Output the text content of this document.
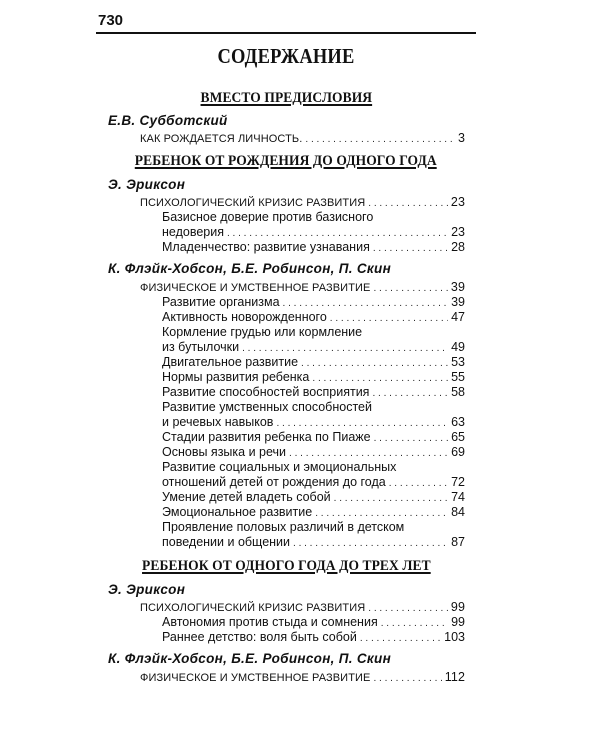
730
СОДЕРЖАНИЕ
ВМЕСТО ПРЕДИСЛОВИЯ
Е.В. Субботский
КАК РОЖДАЕТСЯ ЛИЧНОСТЬ. . . .	3
РЕБЕНОК ОТ РОЖДЕНИЯ ДО ОДНОГО ГОДА
Э. Эриксон
ПСИХОЛОГИЧЕСКИЙ КРИЗИС РАЗВИТИЯ . . .	23
Базисное доверие против базисного
недоверия . . .	23
Младенчество: развитие узнавания . . .	28
К. Флэйк-Хобсон, Б.Е. Робинсон, П. Скин
ФИЗИЧЕСКОЕ И УМСТВЕННОЕ РАЗВИТИЕ . . .	39
Развитие организма . . .	39
Активность новорожденного . . .	47
Кормление грудью или кормление
из бутылочки . . .	49
Двигательное развитие . . .	53
Нормы развития ребенка . . .	55
Развитие способностей восприятия . . .	58
Развитие умственных способностей
и речевых навыков . . .	63
Стадии развития ребенка по Пиаже . . .	65
Основы языка и речи . . .	69
Развитие социальных и эмоциональных
отношений детей от рождения до года . . .	72
Умение детей владеть собой . . .	74
Эмоциональное развитие . . .	84
Проявление половых различий в детском
поведении и общении . . .	87
РЕБЕНОК ОТ ОДНОГО ГОДА ДО ТРЕХ ЛЕТ
Э. Эриксон
ПСИХОЛОГИЧЕСКИЙ КРИЗИС РАЗВИТИЯ . . .	99
Автономия против стыда и сомнения . . .	99
Раннее детство: воля быть собой . . .	103
К. Флэйк-Хобсон, Б.Е. Робинсон, П. Скин
ФИЗИЧЕСКОЕ И УМСТВЕННОЕ РАЗВИТИЕ . . .	112
